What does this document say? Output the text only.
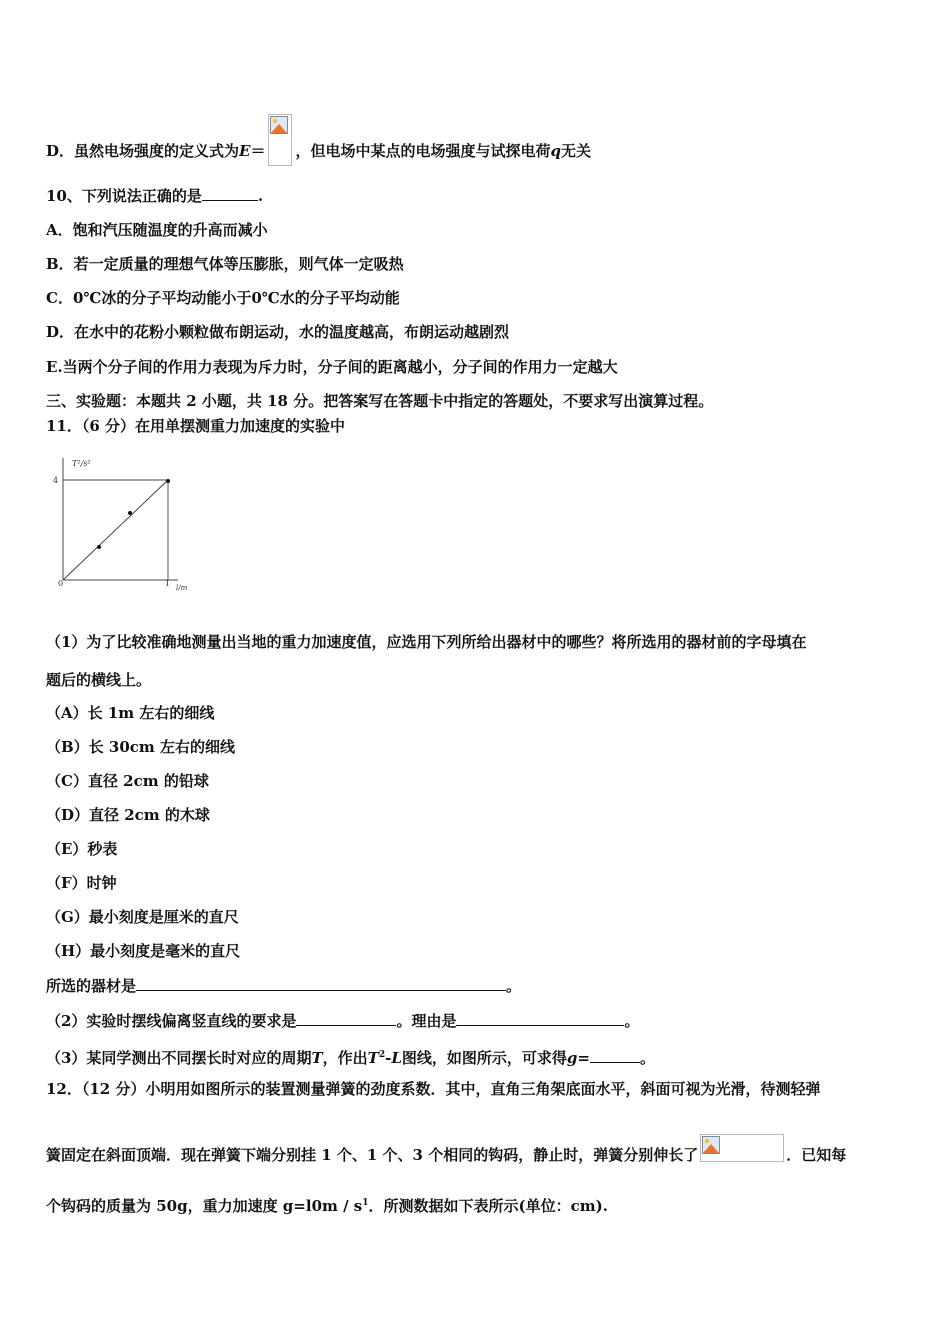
D．虽然电场强度的定义式为E＝ ，但电场中某点的电场强度与试探电荷q无关
10、下列说法正确的是	.
A．饱和汽压随温度的升高而减小
B．若一定质量的理想气体等压膨胀，则气体一定吸热
C．0℃冰的分子平均动能小于0℃水的分子平均动能
D．在水中的花粉小颗粒做布朗运动，水的温度越高，布朗运动越剧烈
E.当两个分子间的作用力表现为斥力时，分子间的距离越小，分子间的作用力一定越大
三、实验题：本题共 2 小题，共 18 分。把答案写在答题卡中指定的答题处，不要求写出演算过程。
11．（6 分）在用单摆测重力加速度的实验中
T²/s²
4
0	1 l/m
（1）为了比较准确地测量出当地的重力加速度值，应选用下列所给出器材中的哪些？将所选用的器材前的字母填在
题后的横线上。
（A）长 1m 左右的细线
（B）长 30cm 左右的细线
（C）直径 2cm 的铅球
（D）直径 2cm 的木球
（E）秒表
（F）时钟
（G）最小刻度是厘米的直尺
（H）最小刻度是毫米的直尺
所选的器材是	。
（2）实验时摆线偏离竖直线的要求是	。理由是	。
（3）某同学测出不同摆长时对应的周期T，作出$T^2-L$图线，如图所示，可求得g=	。
12．（12 分）小明用如图所示的装置测量弹簧的劲度系数．其中，直角三角架底面水平，斜面可视为光滑，待测轻弹
簧固定在斜面顶端．现在弹簧下端分别挂 1 个、1 个、3 个相同的钩码，静止时，弹簧分别伸长了	．已知每
个钩码的质量为 50g，重力加速度 $g=l0m / s^1$．所测数据如下表所示(单位：cm).
